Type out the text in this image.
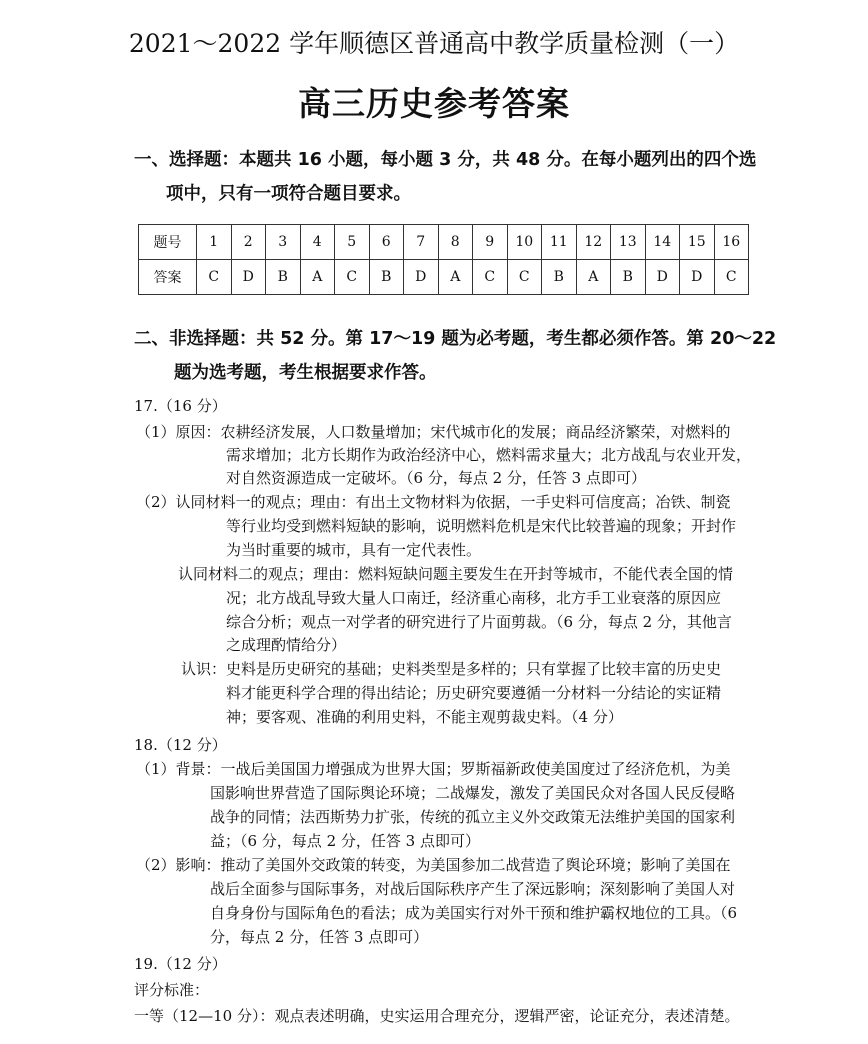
2021～2022 学年顺德区普通高中教学质量检测（一）
高三历史参考答案
一、选择题：本题共 16 小题，每小题 3 分，共 48 分。在每小题列出的四个选
项中，只有一项符合题目要求。
题号	1	2	3	4	5	6	7	8	9	10	11	12	13	14	15	16
答案	C	D	B	A	C	B	D	A	C	C	B	A	B	D	D	C
二、非选择题：共 52 分。第 17～19 题为必考题，考生都必须作答。第 20～22
题为选考题，考生根据要求作答。
17.（16 分）
（1）原因：农耕经济发展，人口数量增加；宋代城市化的发展；商品经济繁荣，对燃料的
需求增加；北方长期作为政治经济中心，燃料需求量大；北方战乱与农业开发，
对自然资源造成一定破坏。（6 分，每点 2 分，任答 3 点即可）
（2）认同材料一的观点；理由：有出土文物材料为依据，一手史料可信度高；冶铁、制瓷
等行业均受到燃料短缺的影响，说明燃料危机是宋代比较普遍的现象；开封作
为当时重要的城市，具有一定代表性。
认同材料二的观点；理由：燃料短缺问题主要发生在开封等城市，不能代表全国的情
况；北方战乱导致大量人口南迁，经济重心南移，北方手工业衰落的原因应
综合分析；观点一对学者的研究进行了片面剪裁。（6 分，每点 2 分，其他言
之成理酌情给分）
认识：史料是历史研究的基础；史料类型是多样的；只有掌握了比较丰富的历史史
料才能更科学合理的得出结论；历史研究要遵循一分材料一分结论的实证精
神；要客观、准确的利用史料，不能主观剪裁史料。（4 分）
18.（12 分）
（1）背景：一战后美国国力增强成为世界大国；罗斯福新政使美国度过了经济危机，为美
国影响世界营造了国际舆论环境；二战爆发，激发了美国民众对各国人民反侵略
战争的同情；法西斯势力扩张，传统的孤立主义外交政策无法维护美国的国家利
益；（6 分，每点 2 分，任答 3 点即可）
（2）影响：推动了美国外交政策的转变，为美国参加二战营造了舆论环境；影响了美国在
战后全面参与国际事务，对战后国际秩序产生了深远影响；深刻影响了美国人对
自身身份与国际角色的看法；成为美国实行对外干预和维护霸权地位的工具。（6
分，每点 2 分，任答 3 点即可）
19.（12 分）
评分标准：
一等（12—10 分）：观点表述明确，史实运用合理充分，逻辑严密，论证充分，表述清楚。
